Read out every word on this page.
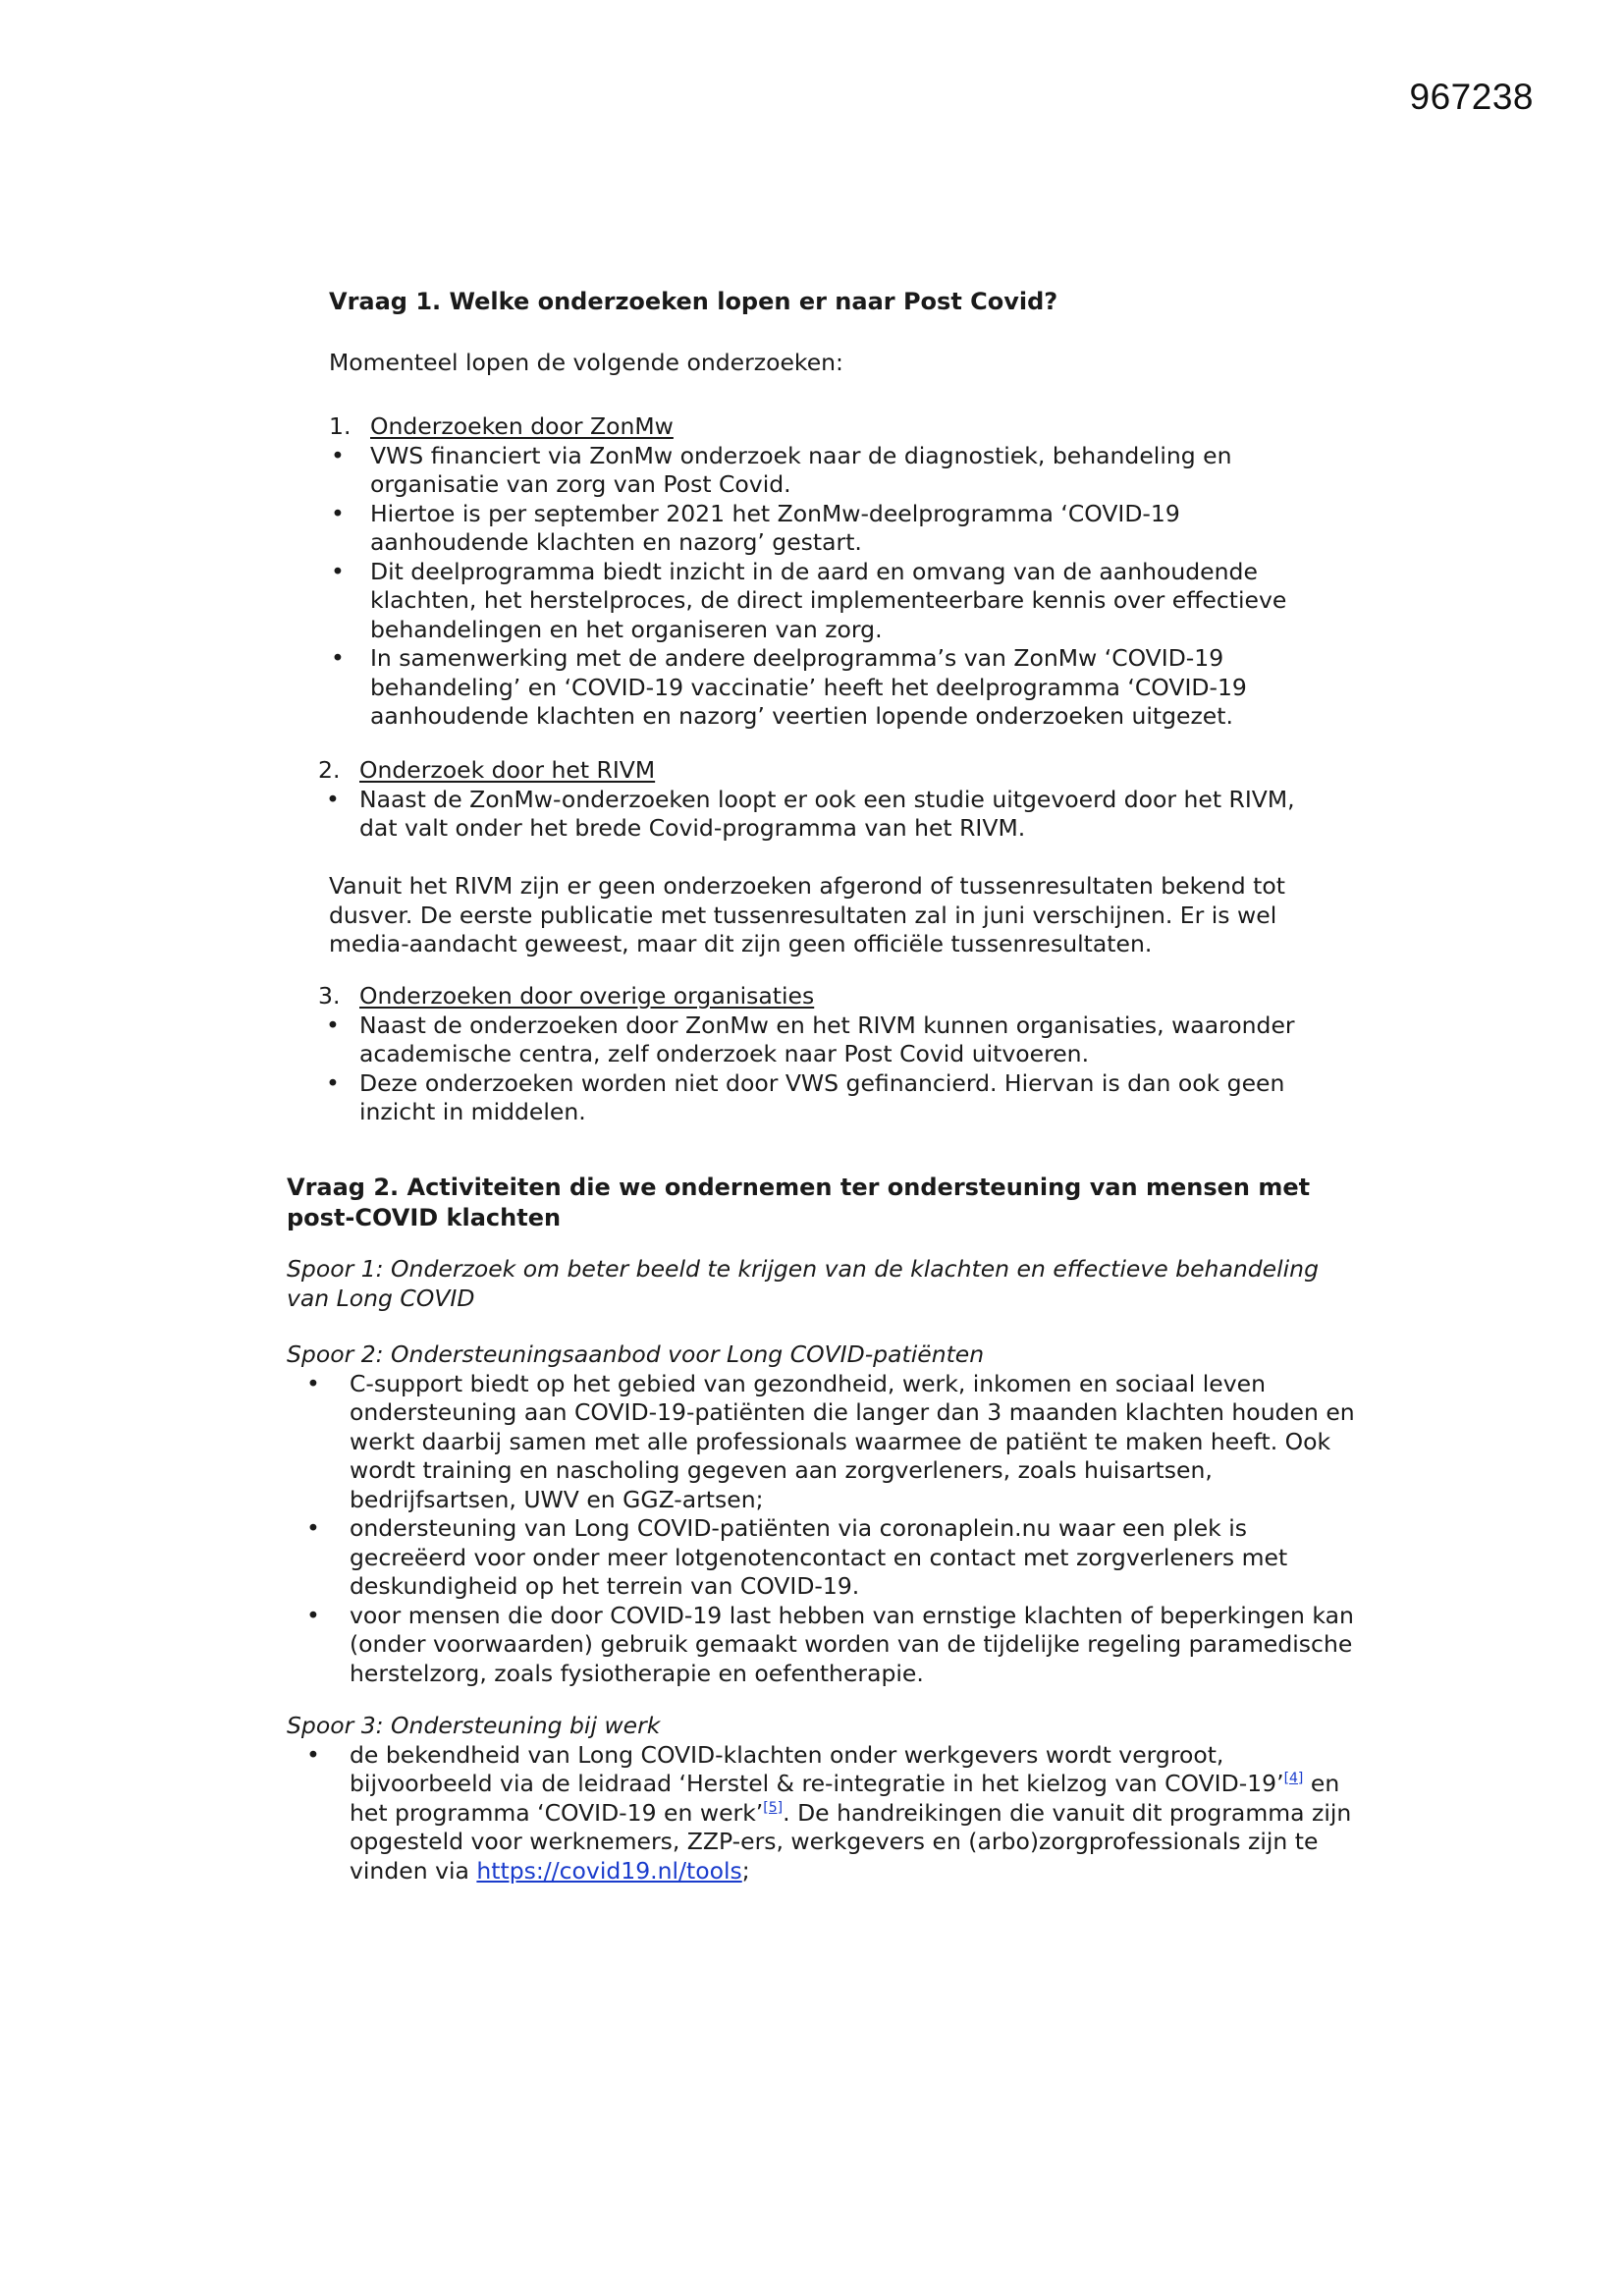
967238

Vraag 1. Welke onderzoeken lopen er naar Post Covid?

Momenteel lopen de volgende onderzoeken:

1. Onderzoeken door ZonMw
• VWS financiert via ZonMw onderzoek naar de diagnostiek, behandeling en organisatie van zorg van Post Covid.
• Hiertoe is per september 2021 het ZonMw-deelprogramma ‘COVID-19 aanhoudende klachten en nazorg’ gestart.
• Dit deelprogramma biedt inzicht in de aard en omvang van de aanhoudende klachten, het herstelproces, de direct implementeerbare kennis over effectieve behandelingen en het organiseren van zorg.
• In samenwerking met de andere deelprogramma’s van ZonMw ‘COVID-19 behandeling’ en ‘COVID-19 vaccinatie’ heeft het deelprogramma ‘COVID-19 aanhoudende klachten en nazorg’ veertien lopende onderzoeken uitgezet.
2. Onderzoek door het RIVM
• Naast de ZonMw-onderzoeken loopt er ook een studie uitgevoerd door het RIVM, dat valt onder het brede Covid-programma van het RIVM.

Vanuit het RIVM zijn er geen onderzoeken afgerond of tussenresultaten bekend tot dusver. De eerste publicatie met tussenresultaten zal in juni verschijnen. Er is wel media-aandacht geweest, maar dit zijn geen officiële tussenresultaten.

3. Onderzoeken door overige organisaties
• Naast de onderzoeken door ZonMw en het RIVM kunnen organisaties, waaronder academische centra, zelf onderzoek naar Post Covid uitvoeren.
• Deze onderzoeken worden niet door VWS gefinancierd. Hiervan is dan ook geen inzicht in middelen.

Vraag 2. Activiteiten die we ondernemen ter ondersteuning van mensen met post-COVID klachten

Spoor 1: Onderzoek om beter beeld te krijgen van de klachten en effectieve behandeling van Long COVID

Spoor 2: Ondersteuningsaanbod voor Long COVID-patiënten

• C-support biedt op het gebied van gezondheid, werk, inkomen en sociaal leven ondersteuning aan COVID-19-patiënten die langer dan 3 maanden klachten houden en werkt daarbij samen met alle professionals waarmee de patiënt te maken heeft. Ook wordt training en nascholing gegeven aan zorgverleners, zoals huisartsen, bedrijfsartsen, UWV en GGZ-artsen;
• ondersteuning van Long COVID-patiënten via coronaplein.nu waar een plek is gecreëerd voor onder meer lotgenotencontact en contact met zorgverleners met deskundigheid op het terrein van COVID-19.
• voor mensen die door COVID-19 last hebben van ernstige klachten of beperkingen kan (onder voorwaarden) gebruik gemaakt worden van de tijdelijke regeling paramedische herstelzorg, zoals fysiotherapie en oefentherapie.

Spoor 3: Ondersteuning bij werk

• de bekendheid van Long COVID-klachten onder werkgevers wordt vergroot, bijvoorbeeld via de leidraad ‘Herstel & re-integratie in het kielzog van COVID-19’[4] en het programma ‘COVID-19 en werk’[5]. De handreikingen die vanuit dit programma zijn opgesteld voor werknemers, ZZP-ers, werkgevers en (arbo)zorgprofessionals zijn te vinden via https://covid19.nl/tools;
